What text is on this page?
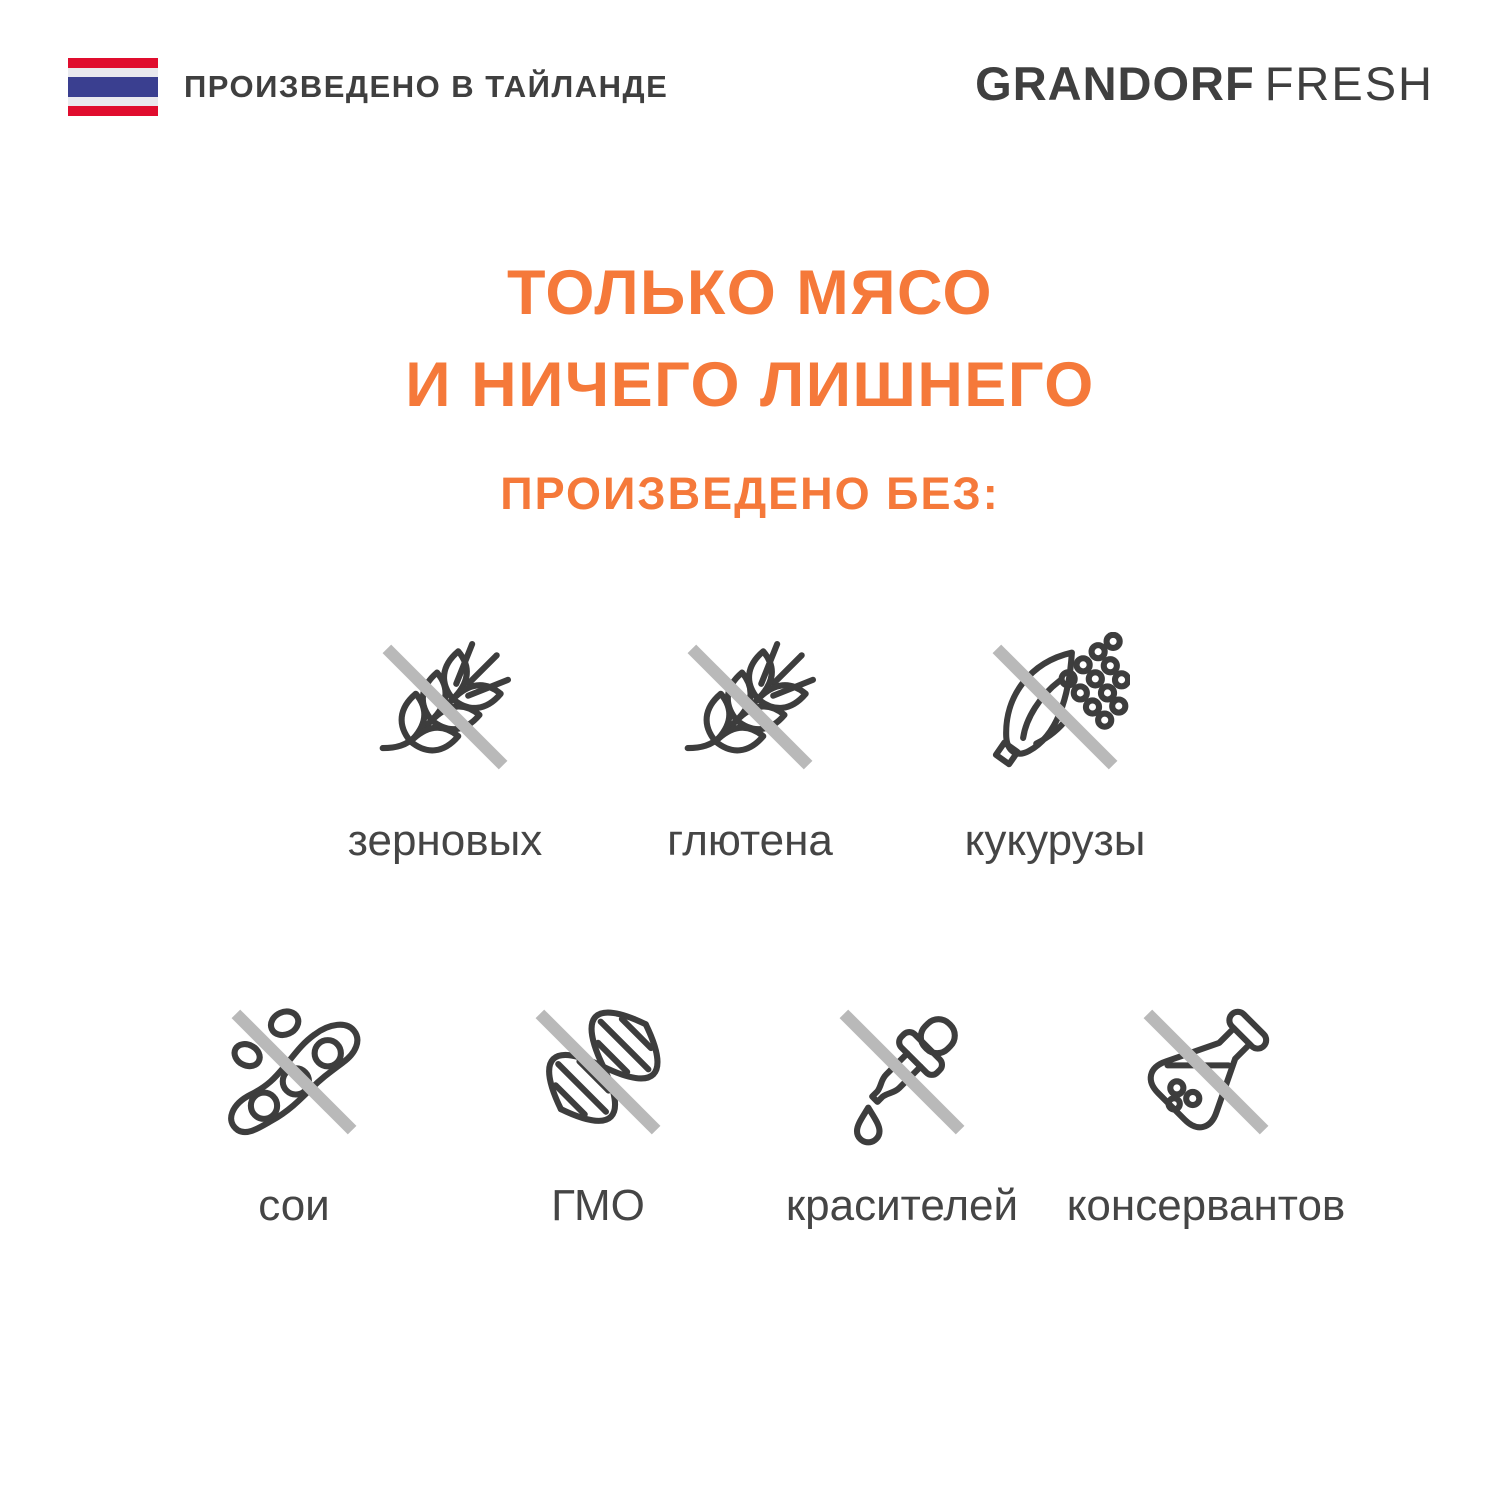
ПРОИЗВЕДЕНО В ТАЙЛАНДЕ	GRANDORF FRESH
ТОЛЬКО МЯСО
И НИЧЕГО ЛИШНЕГО
ПРОИЗВЕДЕНО БЕЗ:
зерновых	глютена	кукурузы
сои	ГМО	красителей консервантов
